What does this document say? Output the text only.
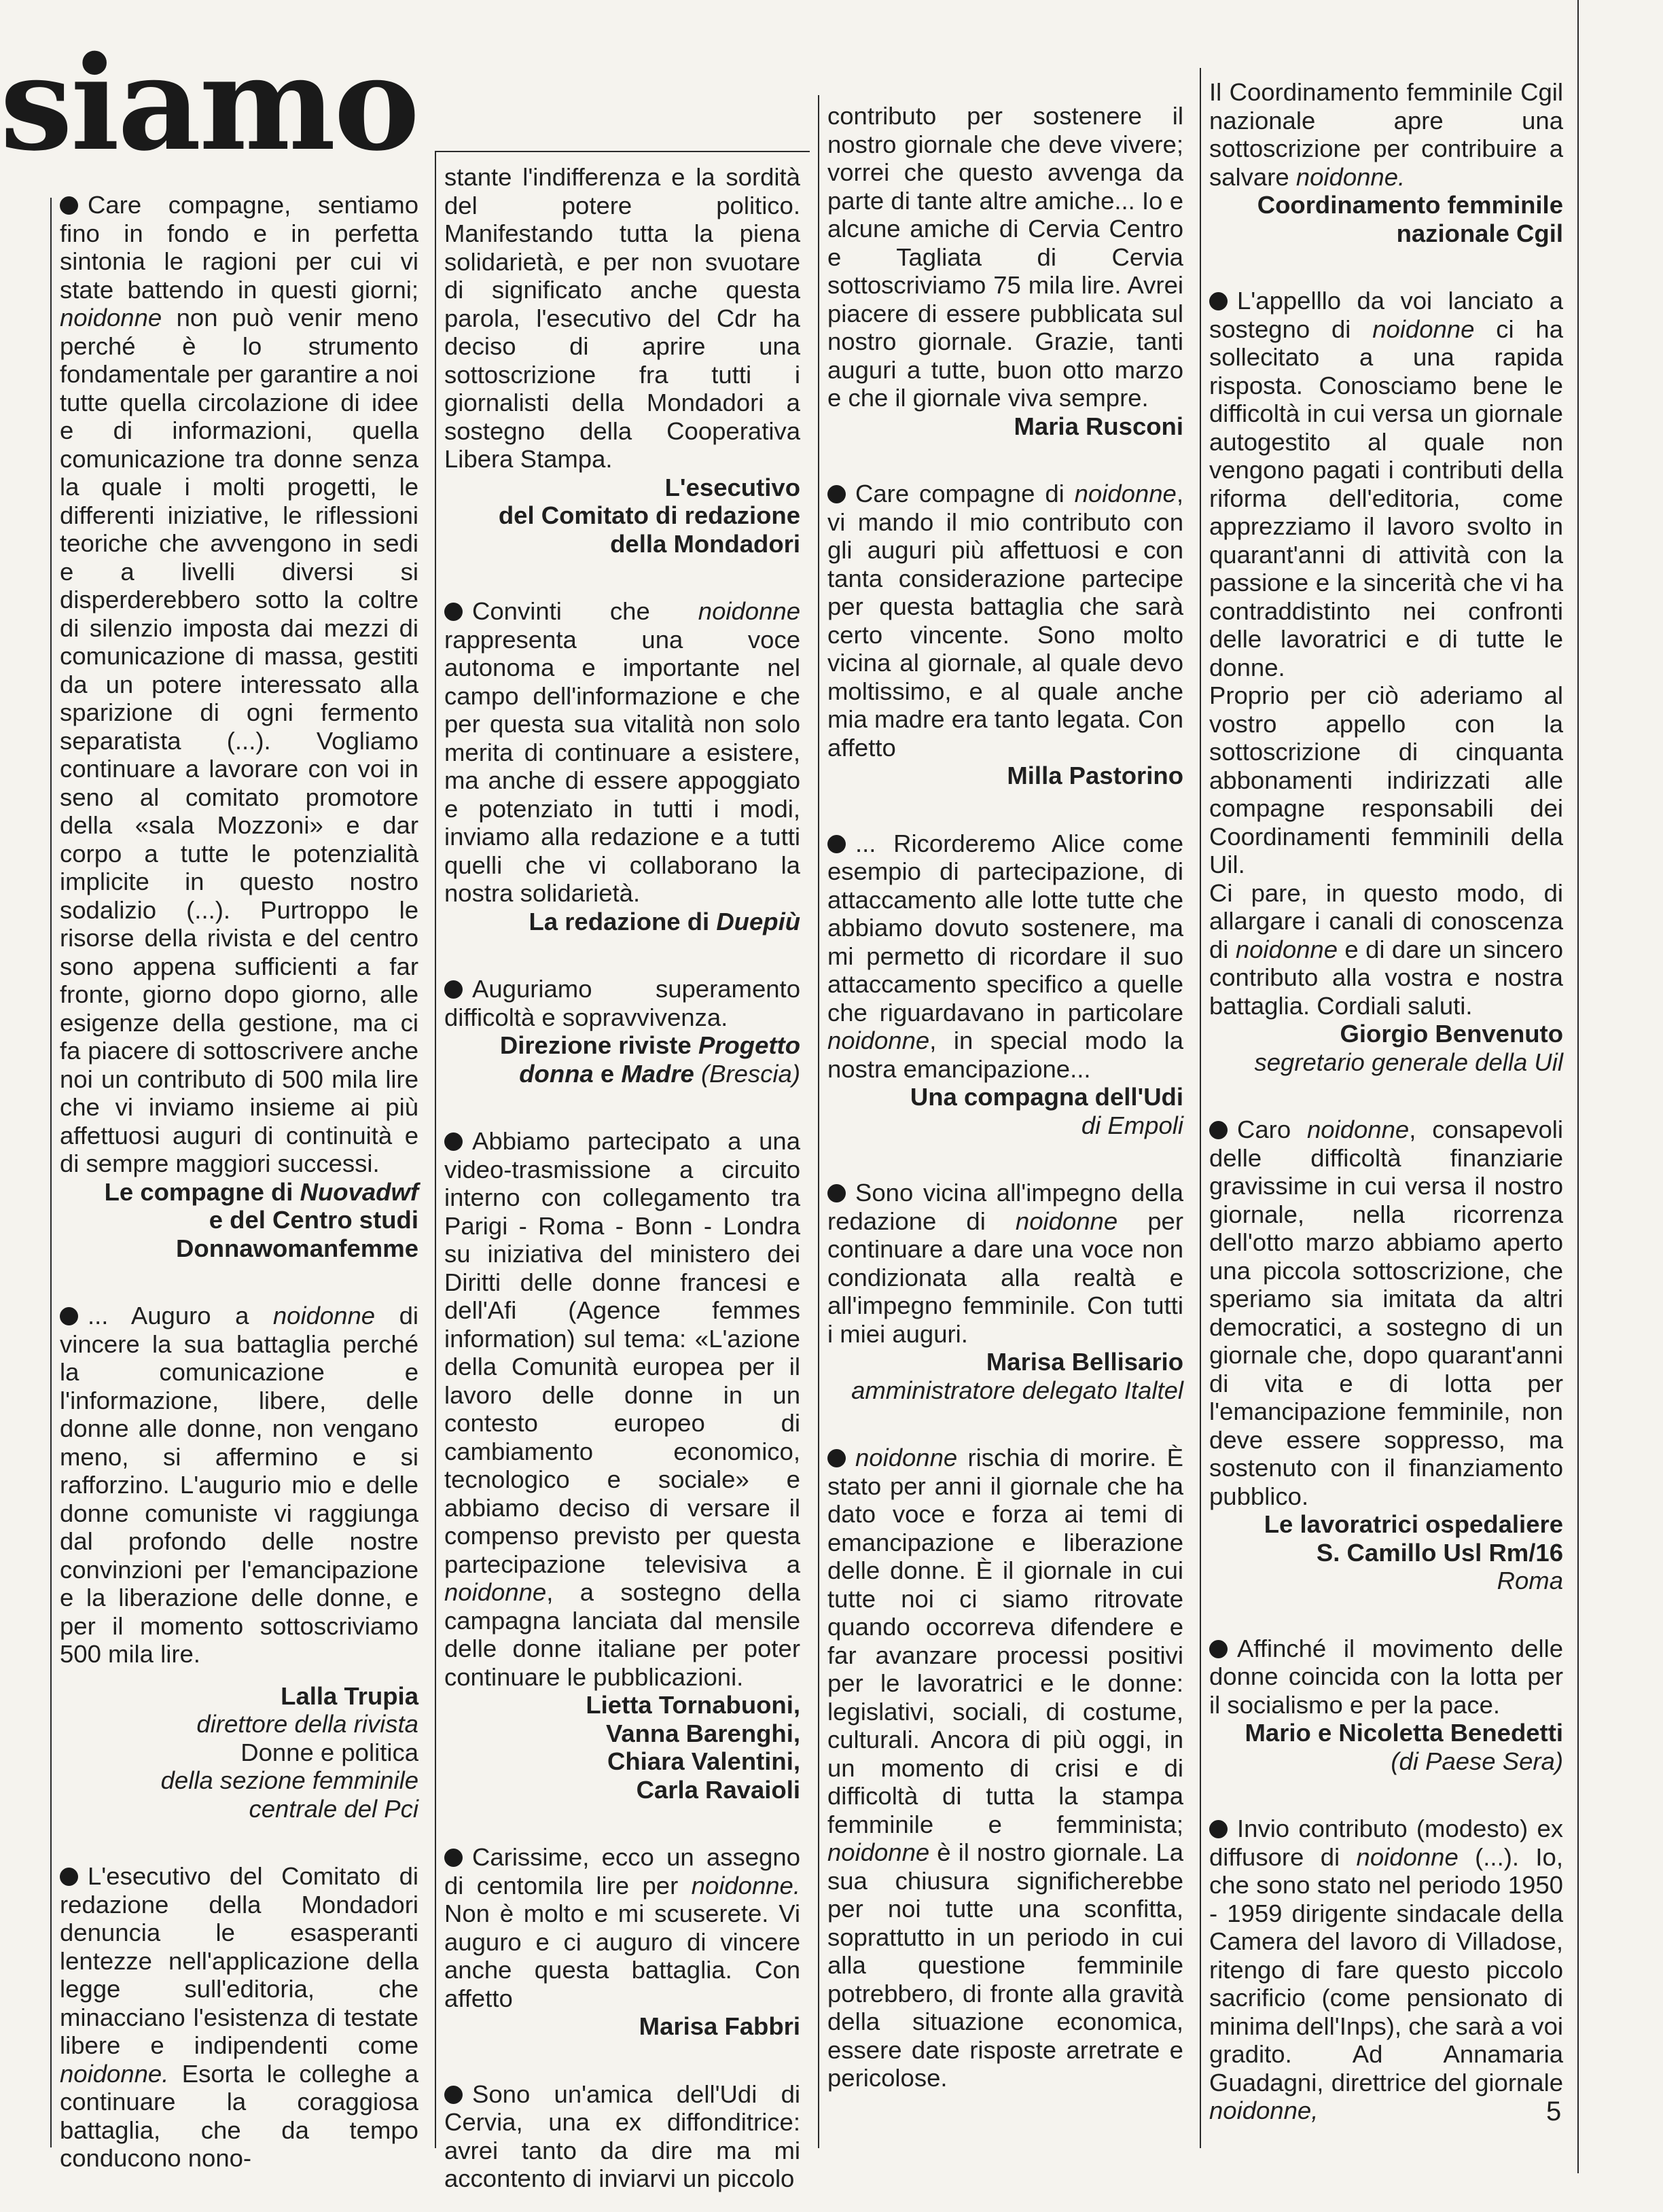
siamo

Care compagne, sentiamo fino in fondo e in perfetta sintonia le ragioni per cui vi state battendo in questi giorni; noidonne non può venir meno perché è lo strumento fondamentale per garantire a noi tutte quella circolazione di idee e di informazioni, quella comunicazione tra donne senza la quale i molti progetti, le differenti iniziative, le riflessioni teoriche che avvengono in sedi e a livelli diversi si disperderebbero sotto la coltre di silenzio imposta dai mezzi di comunicazione di massa, gestiti da un potere interessato alla sparizione di ogni fermento separatista (...). Vogliamo continuare a lavorare con voi in seno al comitato promotore della «sala Mozzoni» e dar corpo a tutte le potenzialità implicite in questo nostro sodalizio (...). Purtroppo le risorse della rivista e del centro sono appena sufficienti a far fronte, giorno dopo giorno, alle esigenze della gestione, ma ci fa piacere di sottoscrivere anche noi un contributo di 500 mila lire che vi inviamo insieme ai più affettuosi auguri di continuità e di sempre maggiori successi.

Le compagne di Nuovadwf

e del Centro studi

Donnawomanfemme

... Auguro a noidonne di vincere la sua battaglia perché la comunicazione e l'informazione, libere, delle donne alle donne, non vengano meno, si affermino e si rafforzino. L'augurio mio e delle donne comuniste vi raggiunga dal profondo delle nostre convinzioni per l'emancipazione e la liberazione delle donne, e per il momento sottoscriviamo 500 mila lire.

Lalla Trupia

direttore della rivista

Donne e politica

della sezione femminile

centrale del Pci

L'esecutivo del Comitato di redazione della Mondadori denuncia le esasperanti lentezze nell'applicazione della legge sull'editoria, che minacciano l'esistenza di testate libere e indipendenti come noidonne. Esorta le colleghe a continuare la coraggiosa battaglia, che da tempo conducono nono-

stante l'indifferenza e la sordità del potere politico. Manifestando tutta la piena solidarietà, e per non svuotare di significato anche questa parola, l'esecutivo del Cdr ha deciso di aprire una sottoscrizione fra tutti i giornalisti della Mondadori a sostegno della Cooperativa Libera Stampa.

L'esecutivo

del Comitato di redazione

della Mondadori

Convinti che noidonne rappresenta una voce autonoma e importante nel campo dell'informazione e che per questa sua vitalità non solo merita di continuare a esistere, ma anche di essere appoggiato e potenziato in tutti i modi, inviamo alla redazione e a tutti quelli che vi collaborano la nostra solidarietà.

La redazione di Duepiù

Auguriamo superamento difficoltà e sopravvivenza.

Direzione riviste Progetto

donna e Madre (Brescia)

Abbiamo partecipato a una video-trasmissione a circuito interno con collegamento tra Parigi - Roma - Bonn - Londra su iniziativa del ministero dei Diritti delle donne francesi e dell'Afi (Agence femmes information) sul tema: «L'azione della Comunità europea per il lavoro delle donne in un contesto europeo di cambiamento economico, tecnologico e sociale» e abbiamo deciso di versare il compenso previsto per questa partecipazione televisiva a noidonne, a sostegno della campagna lanciata dal mensile delle donne italiane per poter continuare le pubblicazioni.

Lietta Tornabuoni,

Vanna Barenghi,

Chiara Valentini,

Carla Ravaioli

Carissime, ecco un assegno di centomila lire per noidonne. Non è molto e mi scuserete. Vi auguro e ci auguro di vincere anche questa battaglia. Con affetto

Marisa Fabbri

Sono un'amica dell'Udi di Cervia, una ex diffonditrice: avrei tanto da dire ma mi accontento di inviarvi un piccolo

contributo per sostenere il nostro giornale che deve vivere; vorrei che questo avvenga da parte di tante altre amiche... Io e alcune amiche di Cervia Centro e Tagliata di Cervia sottoscriviamo 75 mila lire. Avrei piacere di essere pubblicata sul nostro giornale. Grazie, tanti auguri a tutte, buon otto marzo e che il giornale viva sempre.

Maria Rusconi

Care compagne di noidonne, vi mando il mio contributo con gli auguri più affettuosi e con tanta considerazione partecipe per questa battaglia che sarà certo vincente. Sono molto vicina al giornale, al quale devo moltissimo, e al quale anche mia madre era tanto legata. Con affetto

Milla Pastorino

... Ricorderemo Alice come esempio di partecipazione, di attaccamento alle lotte tutte che abbiamo dovuto sostenere, ma mi permetto di ricordare il suo attaccamento specifico a quelle che riguardavano in particolare noidonne, in special modo la nostra emancipazione...

Una compagna dell'Udi

di Empoli

Sono vicina all'impegno della redazione di noidonne per continuare a dare una voce non condizionata alla realtà e all'impegno femminile. Con tutti i miei auguri.

Marisa Bellisario

amministratore delegato Italtel

noidonne rischia di morire. È stato per anni il giornale che ha dato voce e forza ai temi di emancipazione e liberazione delle donne. È il giornale in cui tutte noi ci siamo ritrovate quando occorreva difendere e far avanzare processi positivi per le lavoratrici e le donne: legislativi, sociali, di costume, culturali. Ancora di più oggi, in un momento di crisi e di difficoltà di tutta la stampa femminile e femminista; noidonne è il nostro giornale. La sua chiusura significherebbe per noi tutte una sconfitta, soprattutto in un periodo in cui alla questione femminile potrebbero, di fronte alla gravità della situazione economica, essere date risposte arretrate e pericolose.

Il Coordinamento femminile Cgil nazionale apre una sottoscrizione per contribuire a salvare noidonne.

Coordinamento femminile

nazionale Cgil

L'appelllo da voi lanciato a sostegno di noidonne ci ha sollecitato a una rapida risposta. Conosciamo bene le difficoltà in cui versa un giornale autogestito al quale non vengono pagati i contributi della riforma dell'editoria, come apprezziamo il lavoro svolto in quarant'anni di attività con la passione e la sincerità che vi ha contraddistinto nei confronti delle lavoratrici e di tutte le donne.

Proprio per ciò aderiamo al vostro appello con la sottoscrizione di cinquanta abbonamenti indirizzati alle compagne responsabili dei Coordinamenti femminili della Uil.

Ci pare, in questo modo, di allargare i canali di conoscenza di noidonne e di dare un sincero contributo alla vostra e nostra battaglia. Cordiali saluti.

Giorgio Benvenuto

segretario generale della Uil

Caro noidonne, consapevoli delle difficoltà finanziarie gravissime in cui versa il nostro giornale, nella ricorrenza dell'otto marzo abbiamo aperto una piccola sottoscrizione, che speriamo sia imitata da altri democratici, a sostegno di un giornale che, dopo quarant'anni di vita e di lotta per l'emancipazione femminile, non deve essere soppresso, ma sostenuto con il finanziamento pubblico.

Le lavoratrici ospedaliere

S. Camillo Usl Rm/16

Roma

Affinché il movimento delle donne coincida con la lotta per il socialismo e per la pace.

Mario e Nicoletta Benedetti

(di Paese Sera)

Invio contributo (modesto) ex diffusore di noidonne (...). Io, che sono stato nel periodo 1950 - 1959 dirigente sindacale della Camera del lavoro di Villadose, ritengo di fare questo piccolo sacrificio (come pensionato di minima dell'Inps), che sarà a voi gradito. Ad Annamaria Guadagni, direttrice del giornale noidonne,	5
